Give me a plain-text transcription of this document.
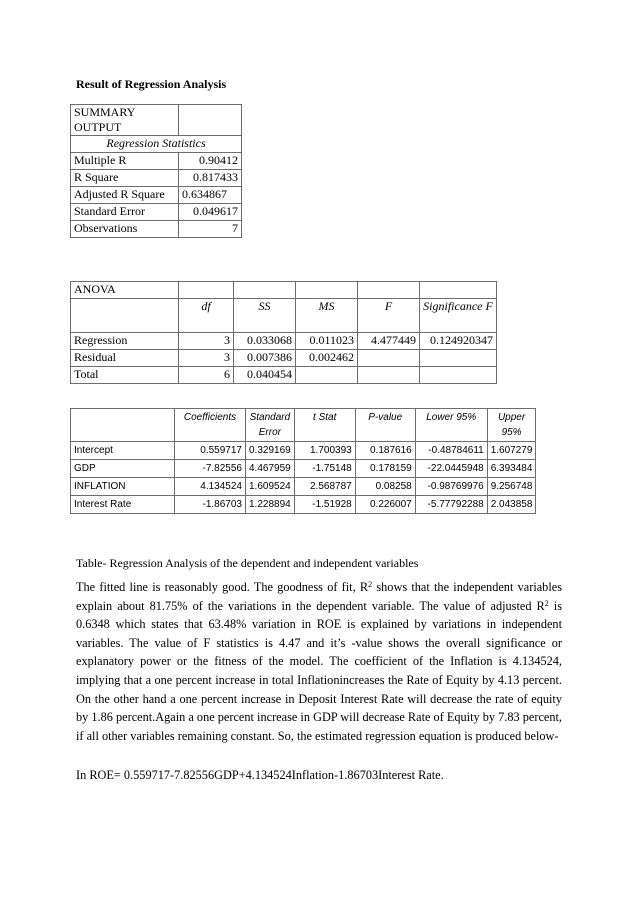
Result of Regression Analysis
SUMMARY OUTPUT	
Regression Statistics	
Multiple R	0.90412
R Square	0.817433
Adjusted R Square	0.634867
Standard Error	0.049617
Observations	7
ANOVA					
	df	SS	MS	F	Significance F
Regression	3	0.033068	0.011023	4.477449	0.124920347
Residual	3	0.007386	0.002462		
Total	6	0.040454			
	Coefficients	Standard Error	t Stat	P-value	Lower 95%	Upper 95%
Intercept	0.559717	0.329169	1.700393	0.187616	-0.48784611	1.607279
GDP	-7.82556	4.467959	-1.75148	0.178159	-22.0445948	6.393484
INFLATION	4.134524	1.609524	2.568787	0.08258	-0.98769976	9.256748
Interest Rate	-1.86703	1.228894	-1.51928	0.226007	-5.77792288	2.043858
Table- Regression Analysis of the dependent and independent variables
The fitted line is reasonably good. The goodness of fit, $R^2$ shows that the independent variables explain about 81.75% of the variations in the dependent variable. The value of adjusted $R^2$ is 0.6348 which states that 63.48% variation in ROE is explained by variations in independent variables. The value of F statistics is 4.47 and it’s -value shows the overall significance or explanatory power or the fitness of the model. The coefficient of the Inflation is 4.134524, implying that a one percent increase in total Inflationincreases the Rate of Equity by 4.13 percent. On the other hand a one percent increase in Deposit Interest Rate will decrease the rate of equity by 1.86 percent.Again a one percent increase in GDP will decrease Rate of Equity by 7.83 percent, if all other variables remaining constant. So, the estimated regression equation is produced below-
In ROE= 0.559717-7.82556GDP+4.134524Inflation-1.86703Interest Rate.
